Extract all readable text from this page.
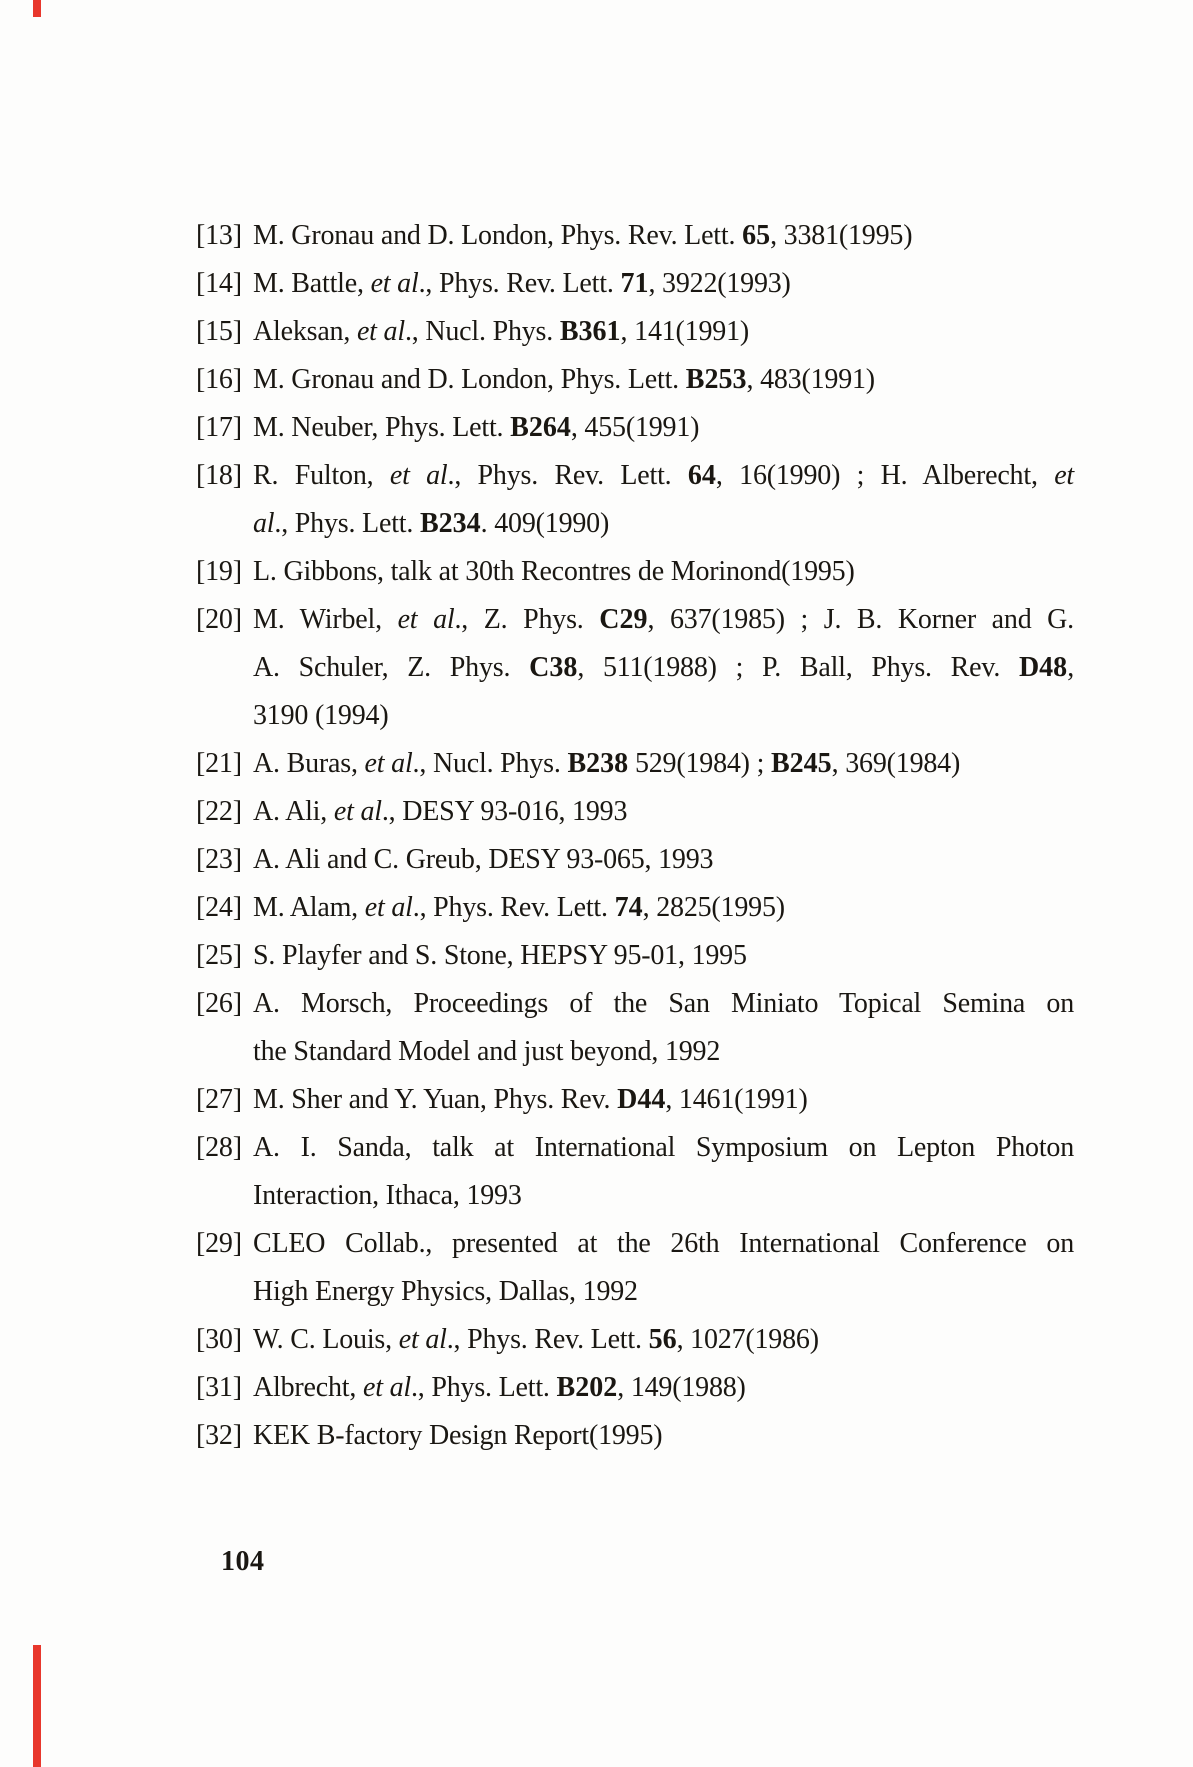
[13] M. Gronau and D. London, Phys. Rev. Lett. 65, 3381(1995)
[14] M. Battle, et al., Phys. Rev. Lett. 71, 3922(1993)
[15] Aleksan, et al., Nucl. Phys. B361, 141(1991)
[16] M. Gronau and D. London, Phys. Lett. B253, 483(1991)
[17] M. Neuber, Phys. Lett. B264, 455(1991)
[18] R. Fulton, et al., Phys. Rev. Lett. 64, 16(1990) ; H. Alberecht, et
al., Phys. Lett. B234. 409(1990)
[19] L. Gibbons, talk at 30th Recontres de Morinond(1995)
[20] M. Wirbel, et al., Z. Phys. C29, 637(1985) ; J. B. Korner and G.
A. Schuler, Z. Phys. C38, 511(1988) ; P. Ball, Phys. Rev. D48,
3190 (1994)
[21] A. Buras, et al., Nucl. Phys. B238 529(1984) ; B245, 369(1984)
[22] A. Ali, et al., DESY 93-016, 1993
[23] A. Ali and C. Greub, DESY 93-065, 1993
[24] M. Alam, et al., Phys. Rev. Lett. 74, 2825(1995)
[25] S. Playfer and S. Stone, HEPSY 95-01, 1995
[26] A. Morsch, Proceedings of the San Miniato Topical Semina on
the Standard Model and just beyond, 1992
[27] M. Sher and Y. Yuan, Phys. Rev. D44, 1461(1991)
[28] A. I. Sanda, talk at International Symposium on Lepton Photon
Interaction, Ithaca, 1993
[29] CLEO Collab., presented at the 26th International Conference on
High Energy Physics, Dallas, 1992
[30] W. C. Louis, et al., Phys. Rev. Lett. 56, 1027(1986)
[31] Albrecht, et al., Phys. Lett. B202, 149(1988)
[32] KEK B-factory Design Report(1995)
104
